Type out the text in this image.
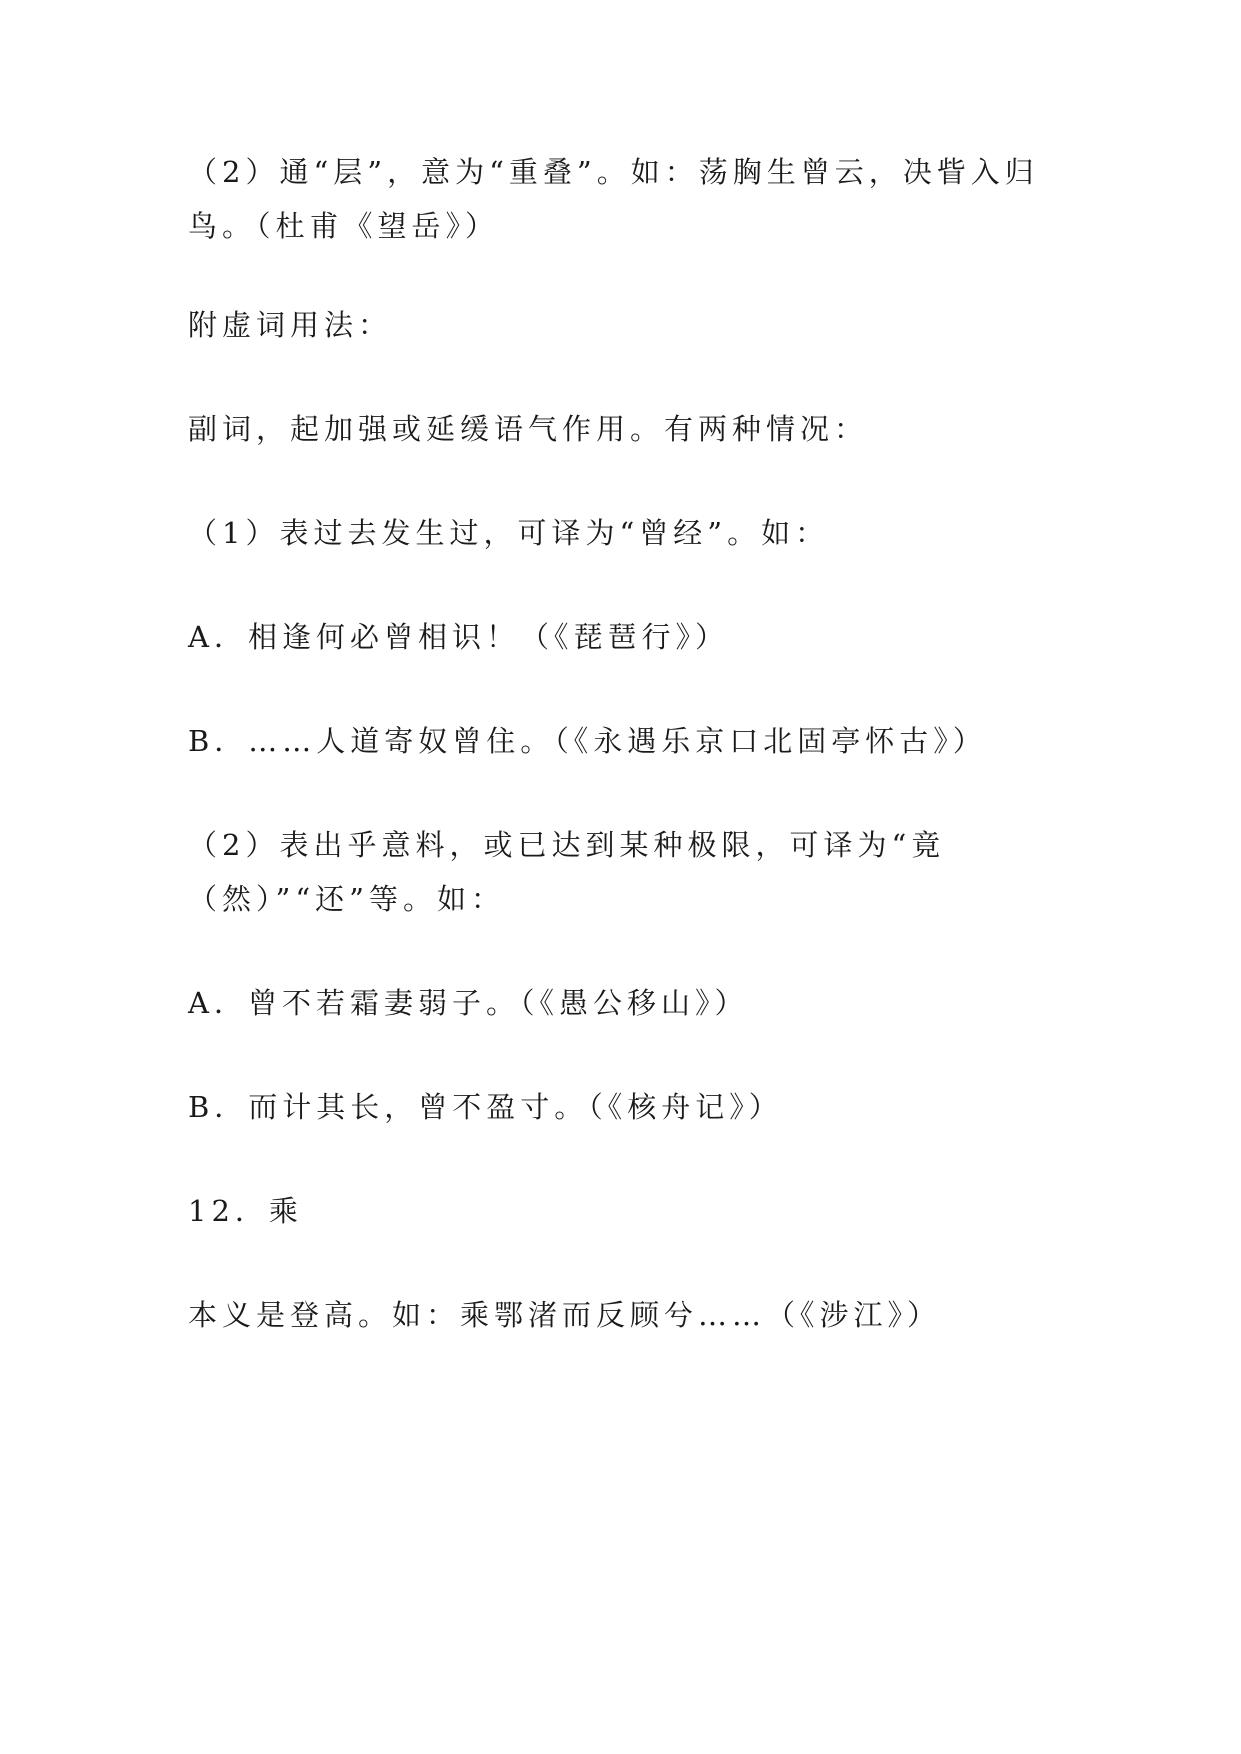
（2）通“层”，意为“重叠”。如：荡胸生曾云，决眥入归鸟。（杜甫《望岳》）

附虚词用法：

副词，起加强或延缓语气作用。有两种情况：

（1）表过去发生过，可译为“曾经”。如：

A．相逢何必曾相识！（《琵琶行》）

B．……人道寄奴曾住。（《永遇乐京口北固亭怀古》）

（2）表出乎意料，或已达到某种极限，可译为“竟（然）”“还”等。如：

A．曾不若霜妻弱子。（《愚公移山》）

B．而计其长，曾不盈寸。（《核舟记》）

12．乘

本义是登高。如：乘鄂渚而反顾兮……（《涉江》）
